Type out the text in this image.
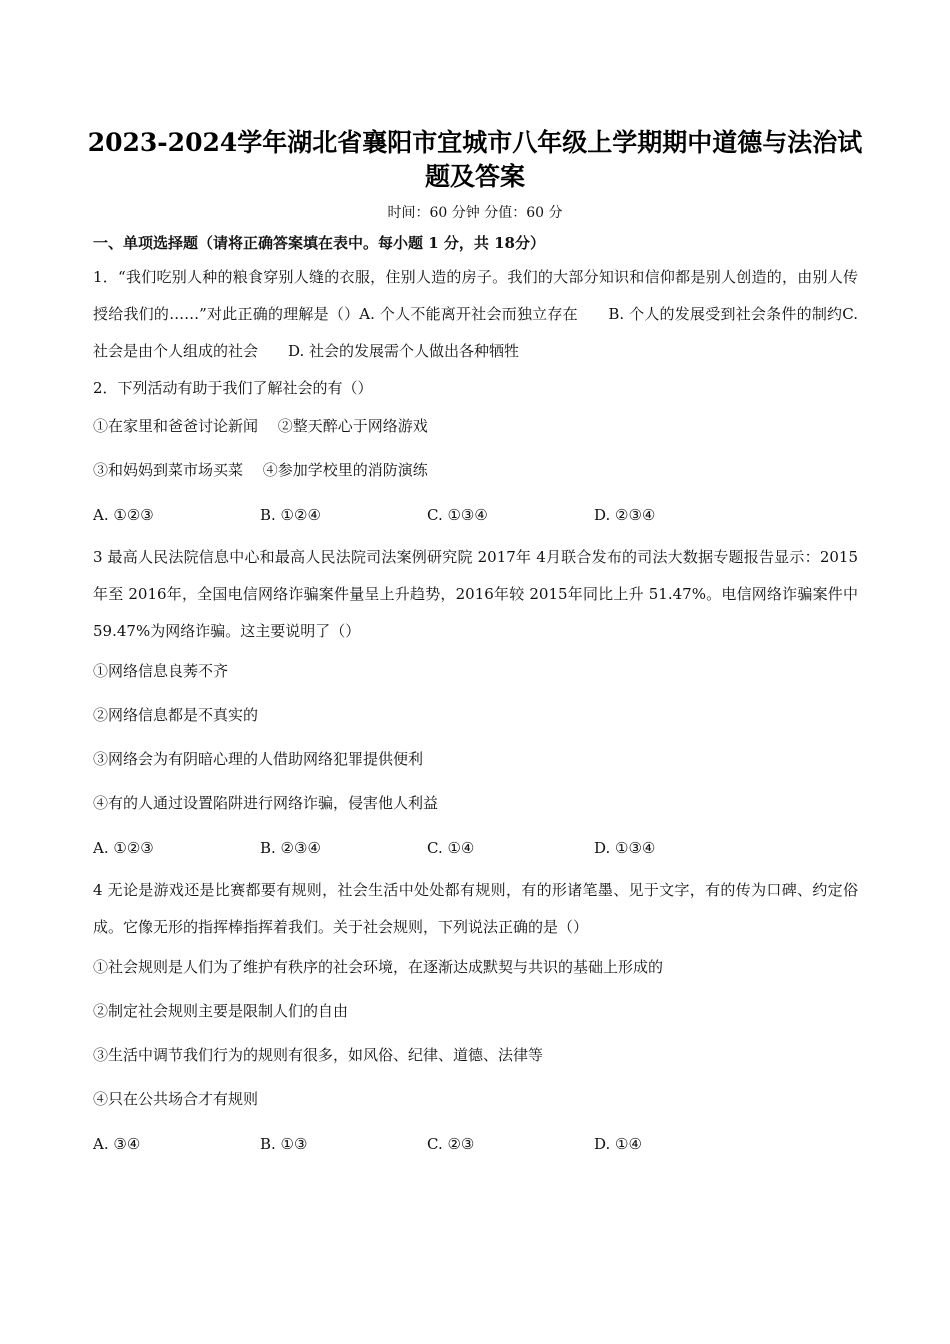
2023-2024学年湖北省襄阳市宜城市八年级上学期期中道德与法治试
题及答案
时间：60 分钟 分值：60 分
一、单项选择题（请将正确答案填在表中。每小题 1 分，共 18分）
1．“我们吃别人种的粮食穿别人缝的衣服，住别人造的房子。我们的大部分知识和信仰都是别人创造的，由别人传授给我们的……”对此正确的理解是（）A. 个人不能离开社会而独立存在　　B. 个人的发展受到社会条件的制约C. 社会是由个人组成的社会　　D. 社会的发展需个人做出各种牺牲
2．下列活动有助于我们了解社会的有（）
①在家里和爸爸讨论新闻　 ②整天醉心于网络游戏
③和妈妈到菜市场买菜　 ④参加学校里的消防演练
A. ①②③	B. ①②④	C. ①③④	D. ②③④
3 最高人民法院信息中心和最高人民法院司法案例研究院 2017年 4月联合发布的司法大数据专题报告显示：2015年至 2016年，全国电信网络诈骗案件量呈上升趋势，2016年较 2015年同比上升 51.47%。电信网络诈骗案件中 59.47%为网络诈骗。这主要说明了（）
①网络信息良莠不齐
②网络信息都是不真实的
③网络会为有阴暗心理的人借助网络犯罪提供便利
④有的人通过设置陷阱进行网络诈骗，侵害他人利益
A. ①②③	B. ②③④	C. ①④	D. ①③④
4 无论是游戏还是比赛都要有规则，社会生活中处处都有规则，有的形诸笔墨、见于文字，有的传为口碑、约定俗成。它像无形的指挥棒指挥着我们。关于社会规则，下列说法正确的是（）
①社会规则是人们为了维护有秩序的社会环境，在逐渐达成默契与共识的基础上形成的
②制定社会规则主要是限制人们的自由
③生活中调节我们行为的规则有很多，如风俗、纪律、道德、法律等
④只在公共场合才有规则
A. ③④	B. ①③	C. ②③	D. ①④
